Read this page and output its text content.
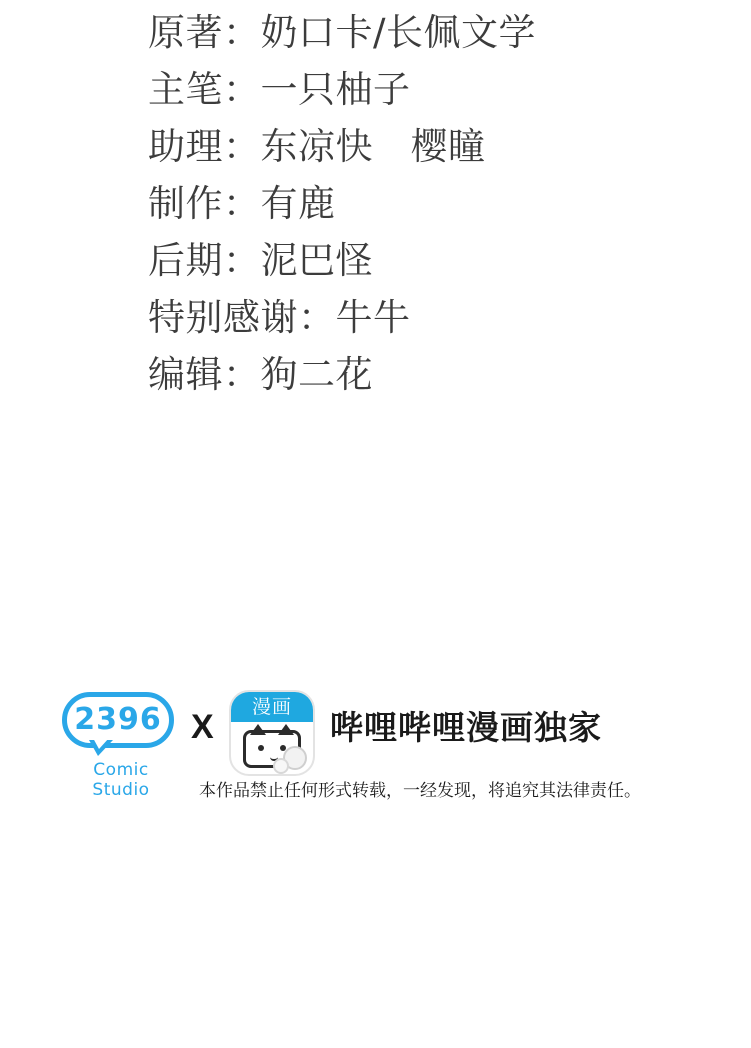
原著：奶口卡/长佩文学
主笔：一只柚子
助理：东凉快　樱瞳
制作：有鹿
后期：泥巴怪
特别感谢：牛牛
编辑：狗二花
2396
Comic Studio
X
漫画
哔哩哔哩漫画独家
本作品禁止任何形式转载，一经发现，将追究其法律责任。
